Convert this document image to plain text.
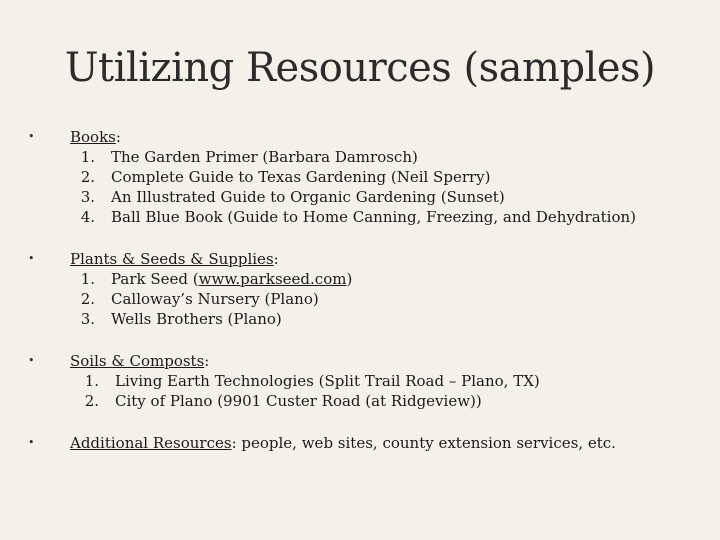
Utilizing Resources (samples)
• Books:
1. The Garden Primer (Barbara Damrosch)
2. Complete Guide to Texas Gardening (Neil Sperry)
3. An Illustrated Guide to Organic Gardening (Sunset)
4. Ball Blue Book (Guide to Home Canning, Freezing, and Dehydration)
• Plants & Seeds & Supplies:
1. Park Seed (www.parkseed.com)
2. Calloway’s Nursery (Plano)
3. Wells Brothers (Plano)
• Soils & Composts:
1. Living Earth Technologies (Split Trail Road – Plano, TX)
2. City of Plano (9901 Custer Road (at Ridgeview))
• Additional Resources: people, web sites, county extension services, etc.
